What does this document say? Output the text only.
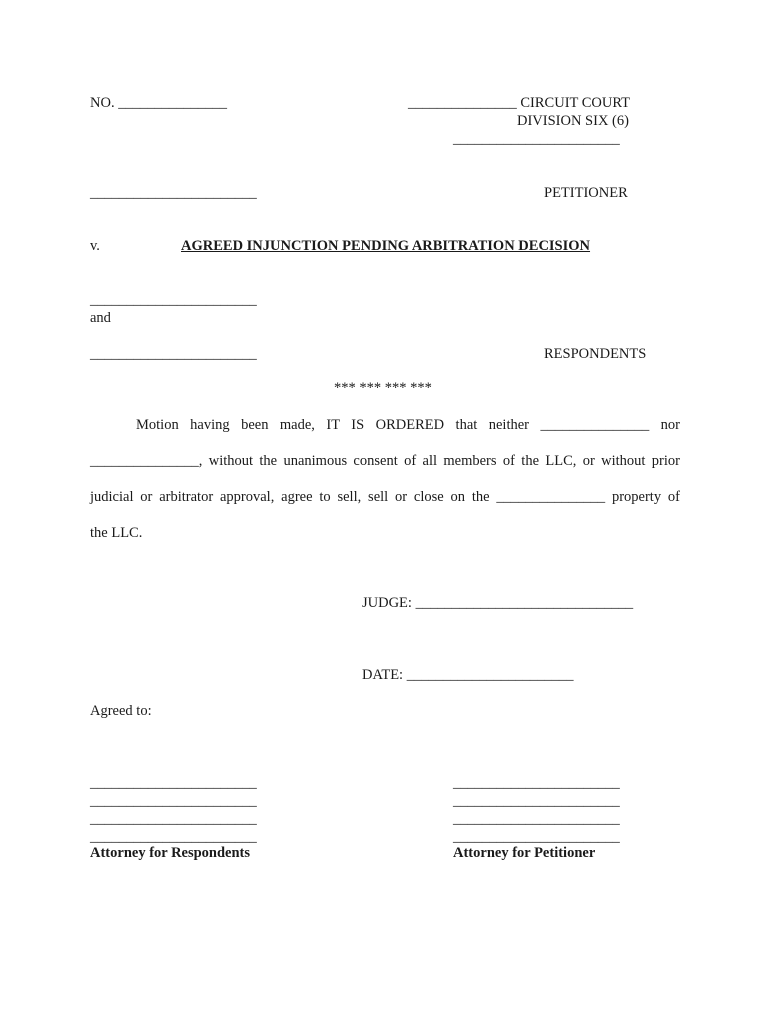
NO. _______________	_______________ CIRCUIT COURT
DIVISION SIX (6)
_______________________
_______________________	PETITIONER
v.	AGREED INJUNCTION PENDING ARBITRATION DECISION
_______________________
and
_______________________	RESPONDENTS
*** *** *** ***
Motion having been made, IT IS ORDERED that neither _______________ nor
_______________, without the unanimous consent of all members of the LLC, or without prior
judicial or arbitrator approval, agree to sell, sell or close on the _______________ property of
the LLC.
JUDGE: ______________________________
DATE: _______________________
Agreed to:
_______________________
_______________________
_______________________
_______________________
Attorney for Respondents
_______________________
_______________________
_______________________
_______________________
Attorney for Petitioner
